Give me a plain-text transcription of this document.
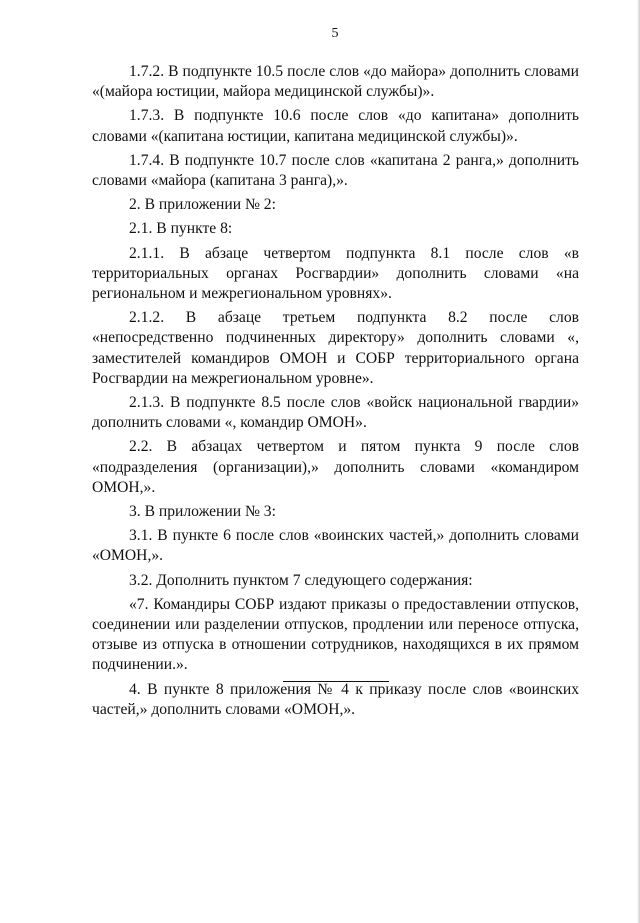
5

1.7.2. В подпункте 10.5 после слов «до майора» дополнить словами «(майора юстиции, майора медицинской службы)».

1.7.3. В подпункте 10.6 после слов «до капитана» дополнить словами «(капитана юстиции, капитана медицинской службы)».

1.7.4. В подпункте 10.7 после слов «капитана 2 ранга,» дополнить словами «майора (капитана 3 ранга),».

2. В приложении № 2:

2.1. В пункте 8:

2.1.1. В абзаце четвертом подпункта 8.1 после слов «в территориальных органах Росгвардии» дополнить словами «на региональном и межрегиональном уровнях».

2.1.2. В абзаце третьем подпункта 8.2 после слов «непосредственно подчиненных директору» дополнить словами «, заместителей командиров ОМОН и СОБР территориального органа Росгвардии на межрегиональном уровне».

2.1.3. В подпункте 8.5 после слов «войск национальной гвардии» дополнить словами «, командир ОМОН».

2.2. В абзацах четвертом и пятом пункта 9 после слов «подразделения (организации),» дополнить словами «командиром ОМОН,».

3. В приложении № 3:

3.1. В пункте 6 после слов «воинских частей,» дополнить словами «ОМОН,».

3.2. Дополнить пунктом 7 следующего содержания:

«7. Командиры СОБР издают приказы о предоставлении отпусков, соединении или разделении отпусков, продлении или переносе отпуска, отзыве из отпуска в отношении сотрудников, находящихся в их прямом подчинении.».

4. В пункте 8 приложения № 4 к приказу после слов «воинских частей,» дополнить словами «ОМОН,».
